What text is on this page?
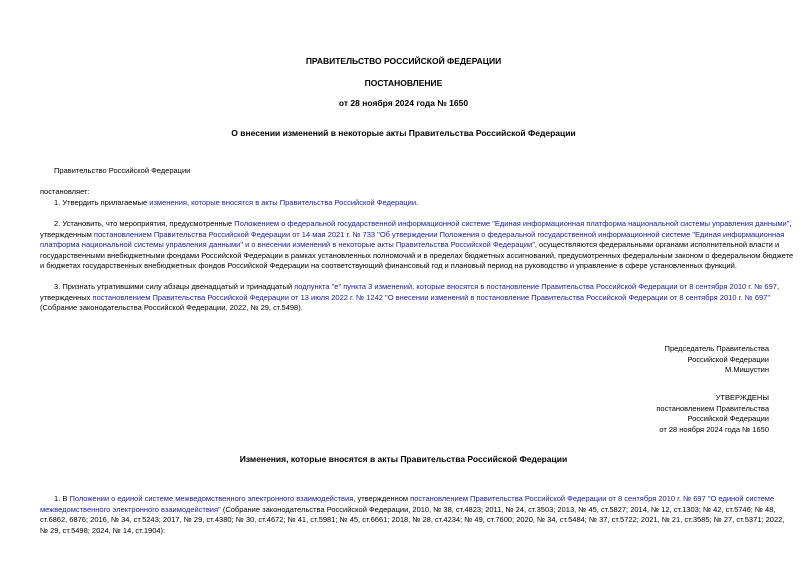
ПРАВИТЕЛЬСТВО РОССИЙСКОЙ ФЕДЕРАЦИИ
ПОСТАНОВЛЕНИЕ
от 28 ноября 2024 года № 1650
О внесении изменений в некоторые акты Правительства Российской Федерации
Правительство Российской Федерации
постановляет:
1. Утвердить прилагаемые изменения, которые вносятся в акты Правительства Российской Федерации.
2. Установить, что мероприятия, предусмотренные Положением о федеральной государственной информационной системе "Единая информационная платформа национальной системы управления данными",
утвержденным постановлением Правительства Российской Федерации от 14 мая 2021 г. № 733 "Об утверждении Положения о федеральной государственной информационной системе "Единая информационная
платформа национальной системы управления данными" и о внесении изменений в некоторые акты Правительства Российской Федерации", осуществляются федеральными органами исполнительной власти и
государственными внебюджетными фондами Российской Федерации в рамках установленных полномочий и в пределах бюджетных ассигнований, предусмотренных федеральным законом о федеральном бюджете
и бюджетах государственных внебюджетных фондов Российской Федерации на соответствующий финансовый год и плановый период на руководство и управление в сфере установленных функций.
3. Признать утратившими силу абзацы двенадцатый и тринадцатый подпункта "е" пункта 3 изменений, которые вносятся в постановление Правительства Российской Федерации от 8 сентября 2010 г. № 697,
утвержденных постановлением Правительства Российской Федерации от 13 июля 2022 г. № 1242 "О внесении изменений в постановление Правительства Российской Федерации от 8 сентября 2010 г. № 697"
(Собрание законодательства Российской Федерации, 2022, № 29, ст.5498).
Председатель Правительства
Российской Федерации
М.Мишустин
УТВЕРЖДЕНЫ
постановлением Правительства
Российской Федерации
от 28 ноября 2024 года № 1650
Изменения, которые вносятся в акты Правительства Российской Федерации
1. В Положении о единой системе межведомственного электронного взаимодействия, утвержденном постановлением Правительства Российской Федерации от 8 сентября 2010 г. № 697 "О единой системе
межведомственного электронного взаимодействия" (Собрание законодательства Российской Федерации, 2010, № 38, ст.4823; 2011, № 24, ст.3503; 2013, № 45, ст.5827; 2014, № 12, ст.1303; № 42, ст.5746; № 48,
ст.6862, 6876; 2016, № 34, ст.5243; 2017, № 29, ст.4380; № 30, ст.4672; № 41, ст.5981; № 45, ст.6661; 2018, № 28, ст.4234; № 49, ст.7600; 2020, № 34, ст.5484; № 37, ст.5722; 2021, № 21, ст.3585; № 27, ст.5371; 2022,
№ 29, ст.5498; 2024, № 14, ст.1904):
